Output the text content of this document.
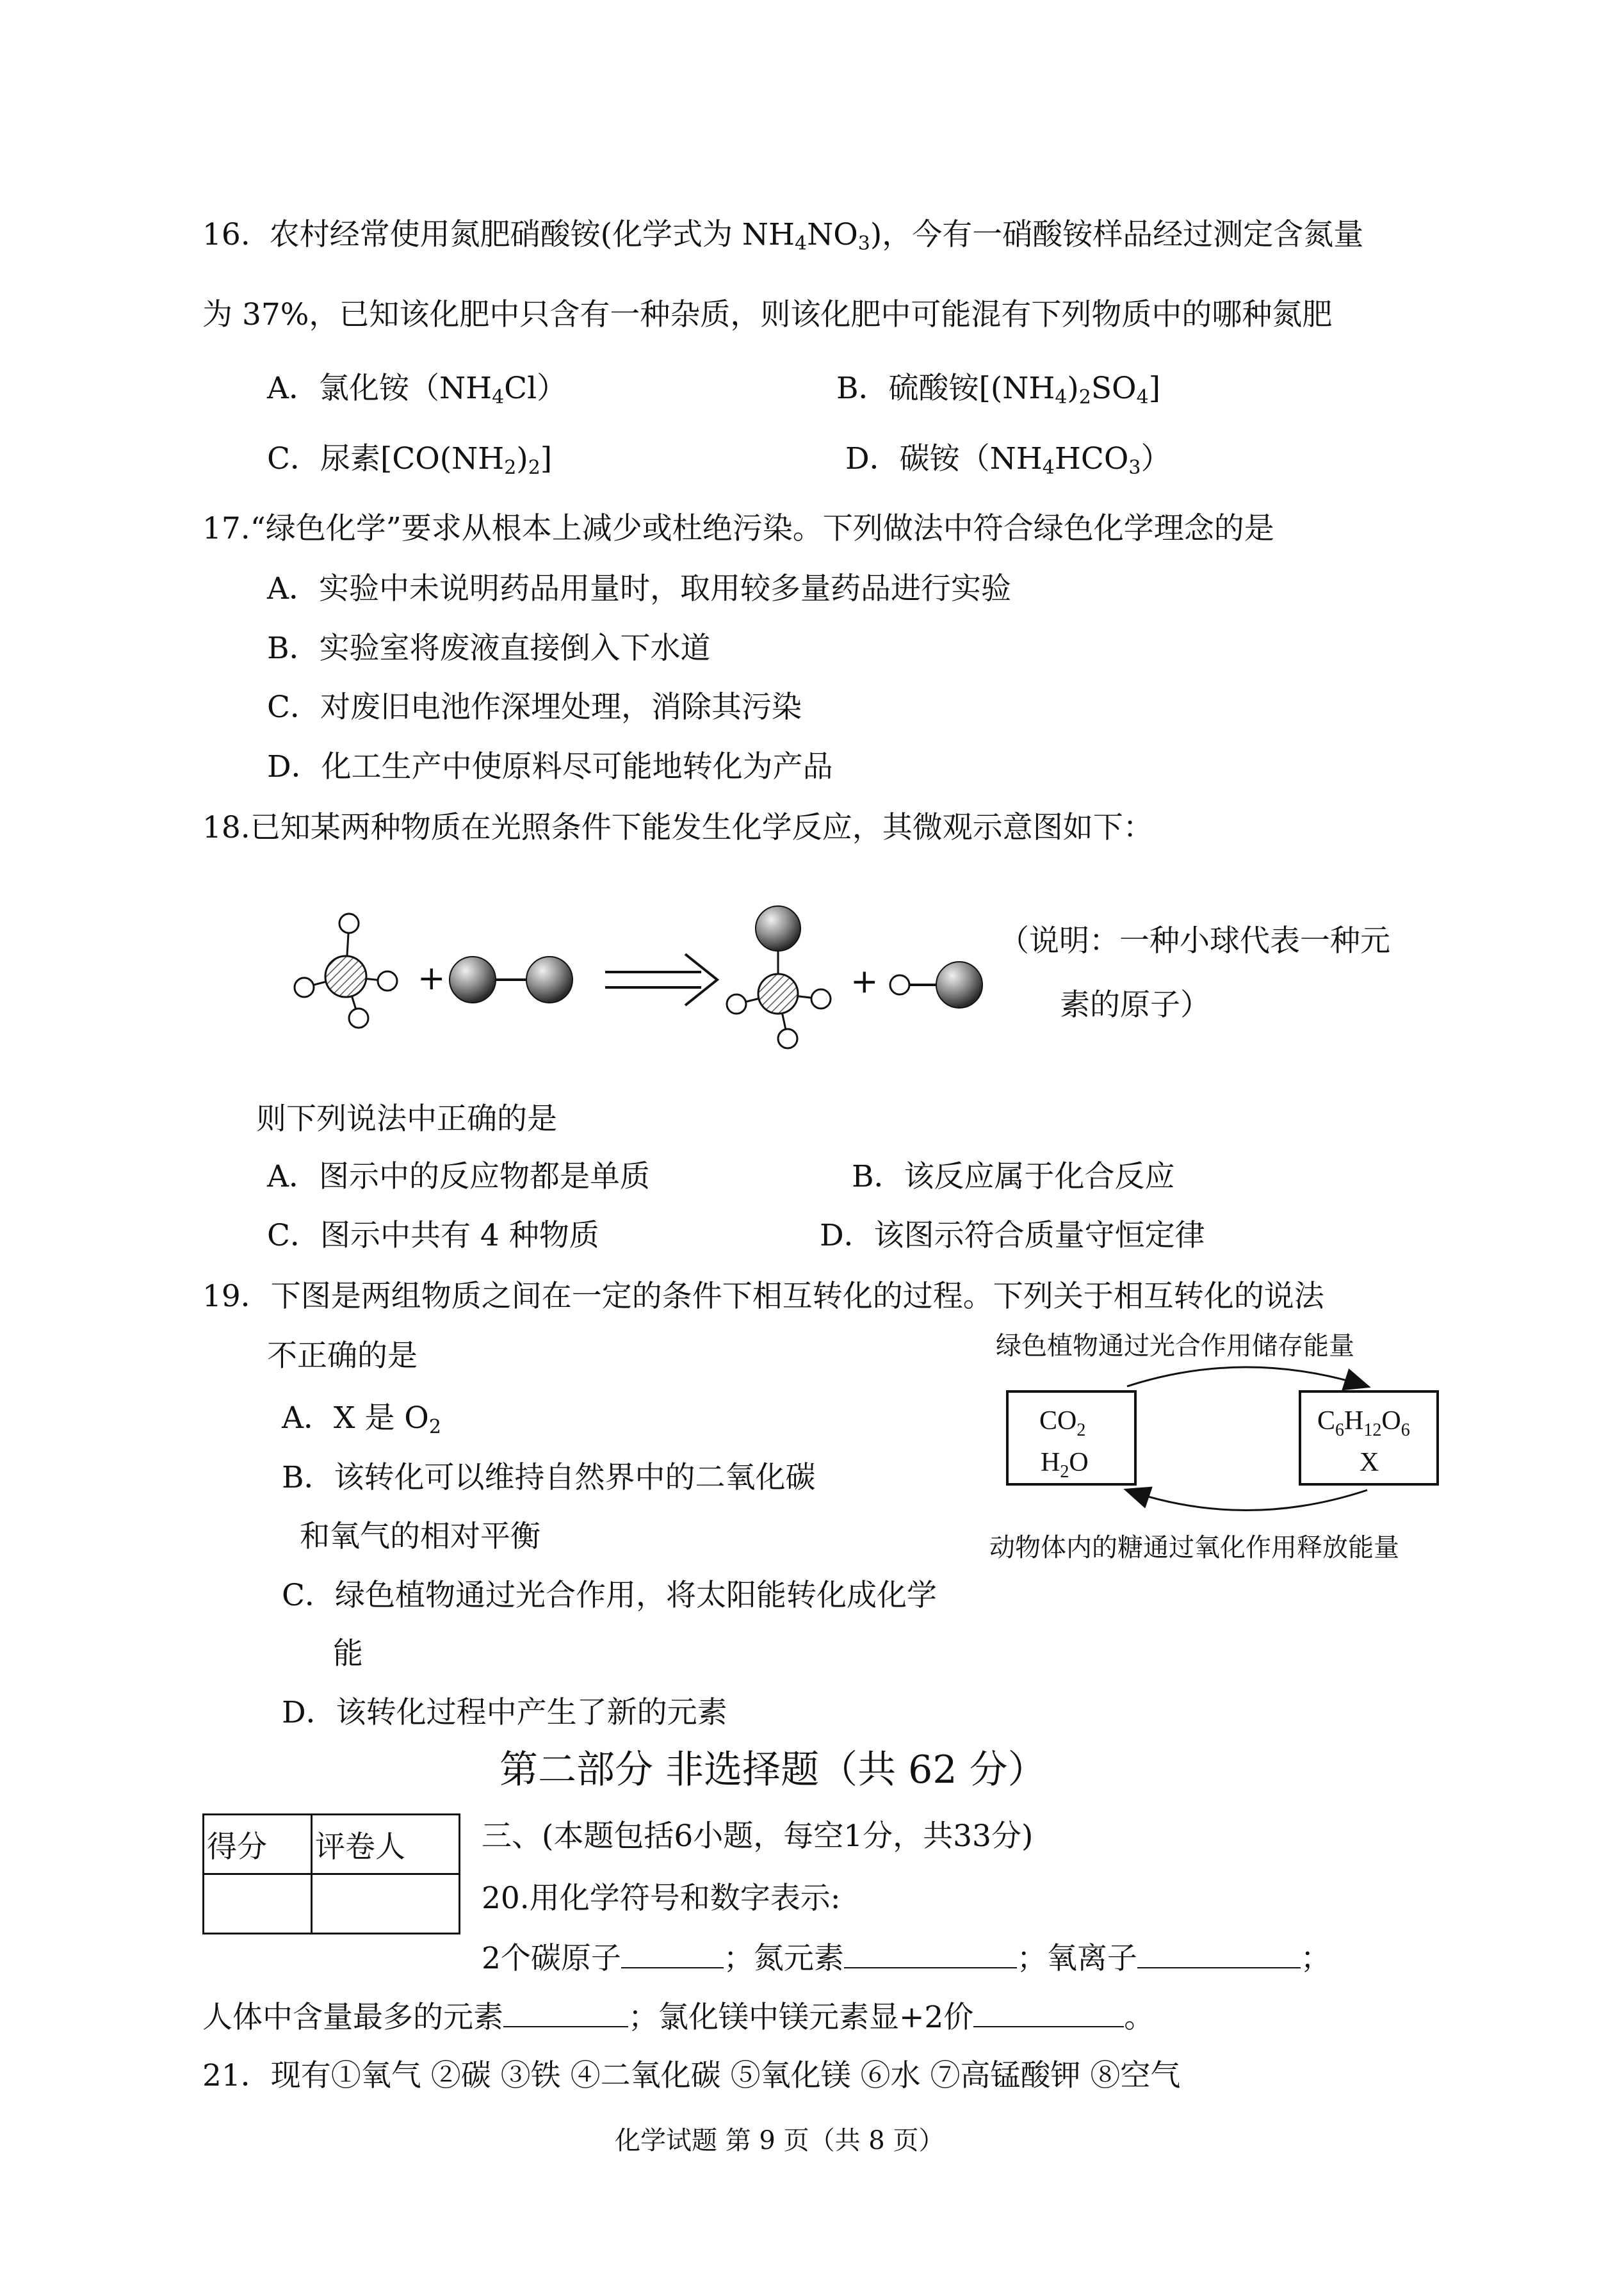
16.  农村经常使用氮肥硝酸铵(化学式为 $NH_4NO_3$)，今有一硝酸铵样品经过测定含氮量
为 37%，已知该化肥中只含有一种杂质，则该化肥中可能混有下列物质中的哪种氮肥
A．氯化铵$(NH_4Cl)$	B．硫酸铵$[(NH_4)_2SO_4]$
C．尿素$[CO(NH_2)_2]$	D．碳铵$(NH_4HCO_3)$
17.“绿色化学”要求从根本上减少或杜绝污染。下列做法中符合绿色化学理念的是
A．实验中未说明药品用量时，取用较多量药品进行实验
B．实验室将废液直接倒入下水道
C．对废旧电池作深埋处理，消除其污染
D．化工生产中使原料尽可能地转化为产品
18.已知某两种物质在光照条件下能发生化学反应，其微观示意图如下：
+	+
（说明：一种小球代表一种元
素的原子）
则下列说法中正确的是
A．图示中的反应物都是单质	B．该反应属于化合反应
C．图示中共有 4 种物质	D．该图示符合质量守恒定律
19．下图是两组物质之间在一定的条件下相互转化的过程。下列关于相互转化的说法
不正确的是
A．X 是 $O_2$
B．该转化可以维持自然界中的二氧化碳
和氧气的相对平衡
C．绿色植物通过光合作用，将太阳能转化成化学
能
D．该转化过程中产生了新的元素
绿色植物通过光合作用储存能量
$CO_2$
$H_2O$
$C_6H_{12}O_6$
X
动物体内的糖通过氧化作用释放能量
第二部分 非选择题（共 62 分）
得分	评卷人
		三、(本题包括6小题，每空1分，共33分)
20.用化学符号和数字表示:
2个碳原子	；氮元素	；氧离子	；
人体中含量最多的元素	；氯化镁中镁元素显+2价	。
21．现有①氧气 ②碳 ③铁 ④二氧化碳 ⑤氧化镁 ⑥水 ⑦高锰酸钾 ⑧空气
化学试题 第 9 页（共 8 页）
